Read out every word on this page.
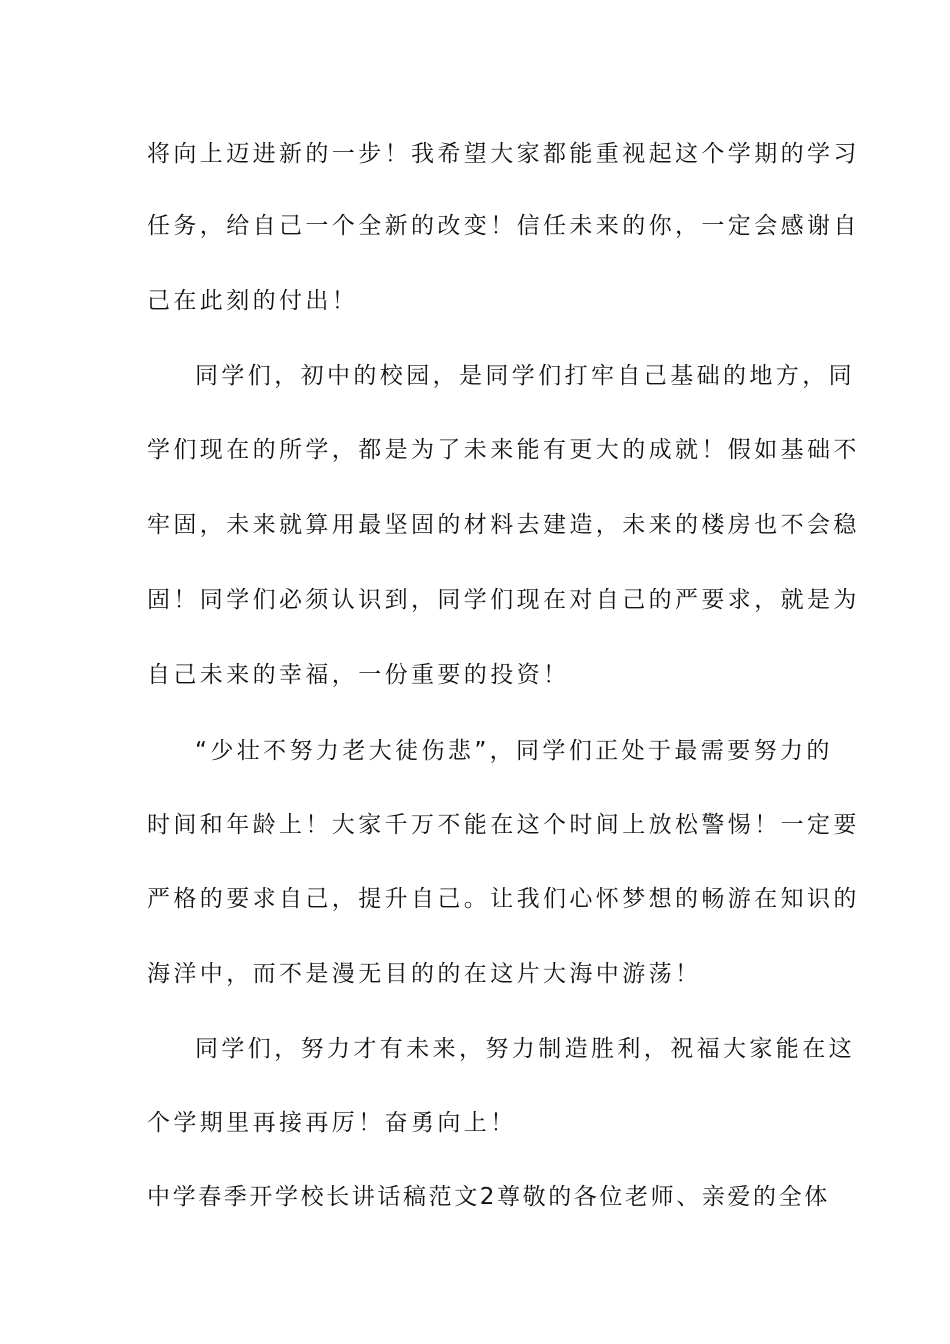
将向上迈进新的一步！我希望大家都能重视起这个学期的学习
任务，给自己一个全新的改变！信任未来的你，一定会感谢自
己在此刻的付出！
同学们，初中的校园，是同学们打牢自己基础的地方，同
学们现在的所学，都是为了未来能有更大的成就！假如基础不
牢固，未来就算用最坚固的材料去建造，未来的楼房也不会稳
固！同学们必须认识到，同学们现在对自己的严要求，就是为
自己未来的幸福，一份重要的投资！
“少壮不努力老大徒伤悲”，同学们正处于最需要努力的
时间和年龄上！大家千万不能在这个时间上放松警惕！一定要
严格的要求自己，提升自己。让我们心怀梦想的畅游在知识的
海洋中，而不是漫无目的的在这片大海中游荡！
同学们，努力才有未来，努力制造胜利，祝福大家能在这
个学期里再接再厉！奋勇向上！
中学春季开学校长讲话稿范文2尊敬的各位老师、亲爱的全体
